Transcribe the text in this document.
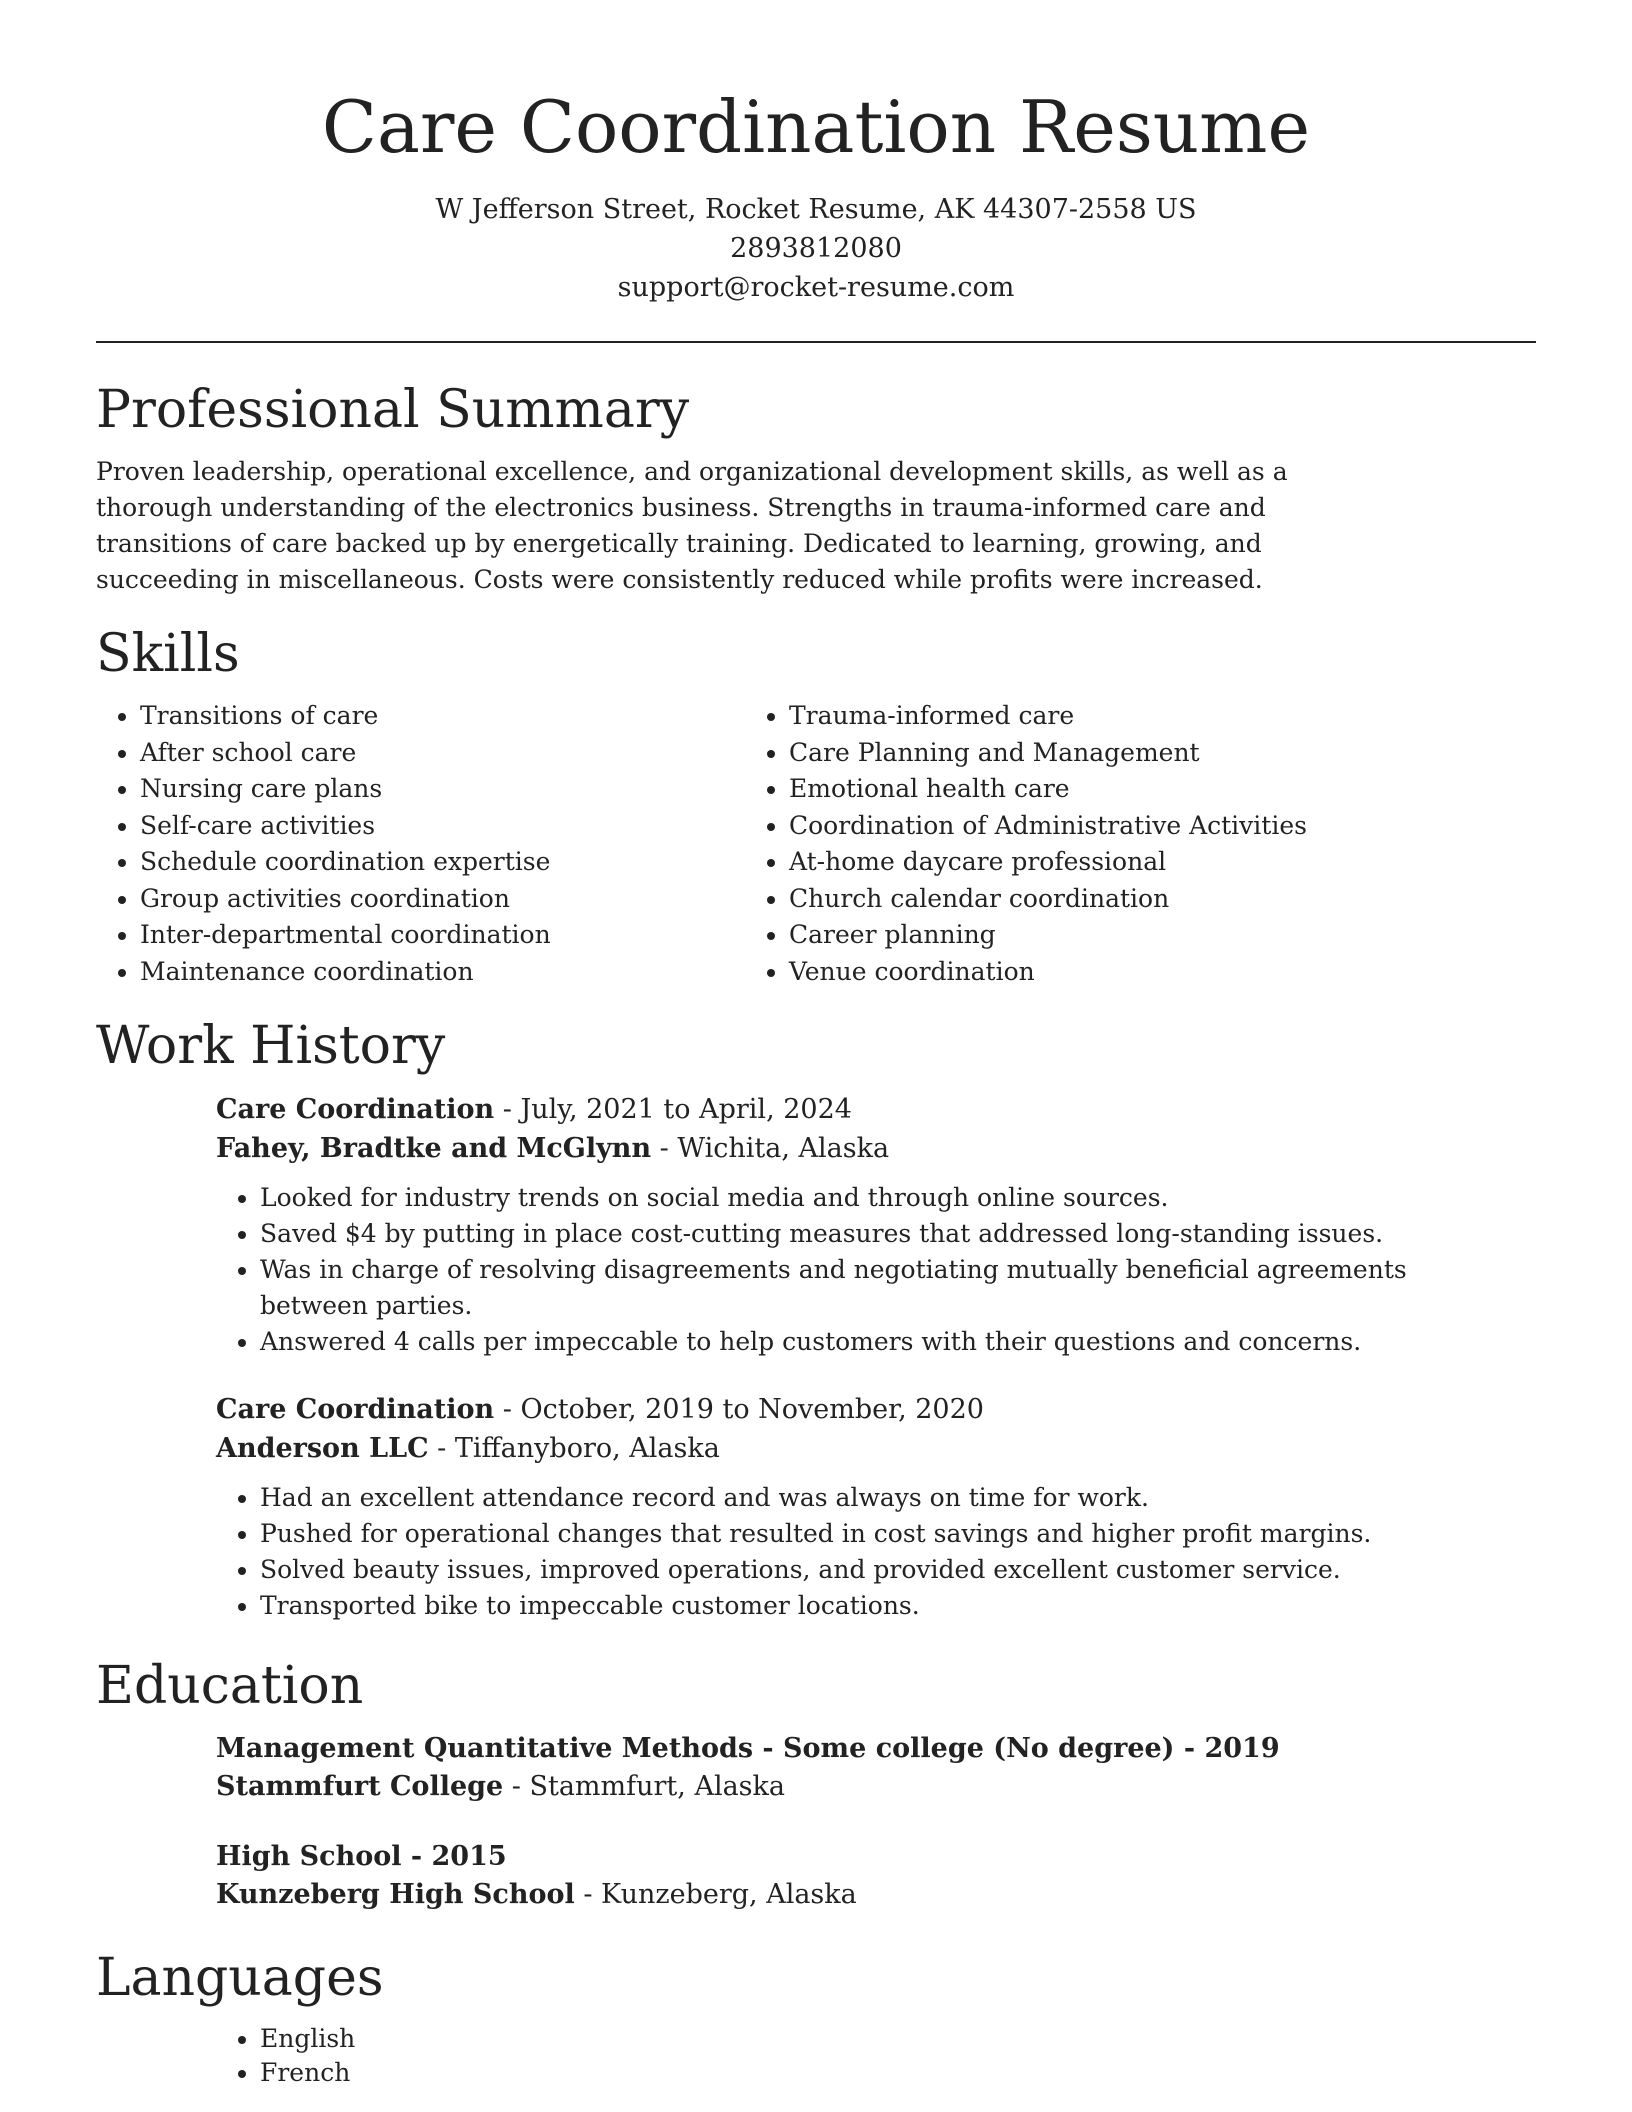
Care Coordination Resume
W Jefferson Street, Rocket Resume, AK 44307-2558 US
2893812080
support@rocket-resume.com
Professional Summary

Proven leadership, operational excellence, and organizational development skills, as well as a thorough understanding of the electronics business. Strengths in trauma-informed care and transitions of care backed up by energetically training. Dedicated to learning, growing, and succeeding in miscellaneous. Costs were consistently reduced while profits were increased.

Skills
• Transitions of care
• After school care
• Nursing care plans
• Self-care activities
• Schedule coordination expertise
• Group activities coordination
• Inter-departmental coordination
• Maintenance coordination
• Trauma-informed care
• Care Planning and Management
• Emotional health care
• Coordination of Administrative Activities
• At-home daycare professional
• Church calendar coordination
• Career planning
• Venue coordination
Work History
Care Coordination - July, 2021 to April, 2024
Fahey, Bradtke and McGlynn - Wichita, Alaska
• Looked for industry trends on social media and through online sources.
• Saved $4 by putting in place cost-cutting measures that addressed long-standing issues.
• Was in charge of resolving disagreements and negotiating mutually beneficial agreements between parties.
• Answered 4 calls per impeccable to help customers with their questions and concerns.
Care Coordination - October, 2019 to November, 2020
Anderson LLC - Tiffanyboro, Alaska
• Had an excellent attendance record and was always on time for work.
• Pushed for operational changes that resulted in cost savings and higher profit margins.
• Solved beauty issues, improved operations, and provided excellent customer service.
• Transported bike to impeccable customer locations.
Education
Management Quantitative Methods - Some college (No degree) - 2019
Stammfurt College - Stammfurt, Alaska
High School - 2015
Kunzeberg High School - Kunzeberg, Alaska
Languages
• English
• French
